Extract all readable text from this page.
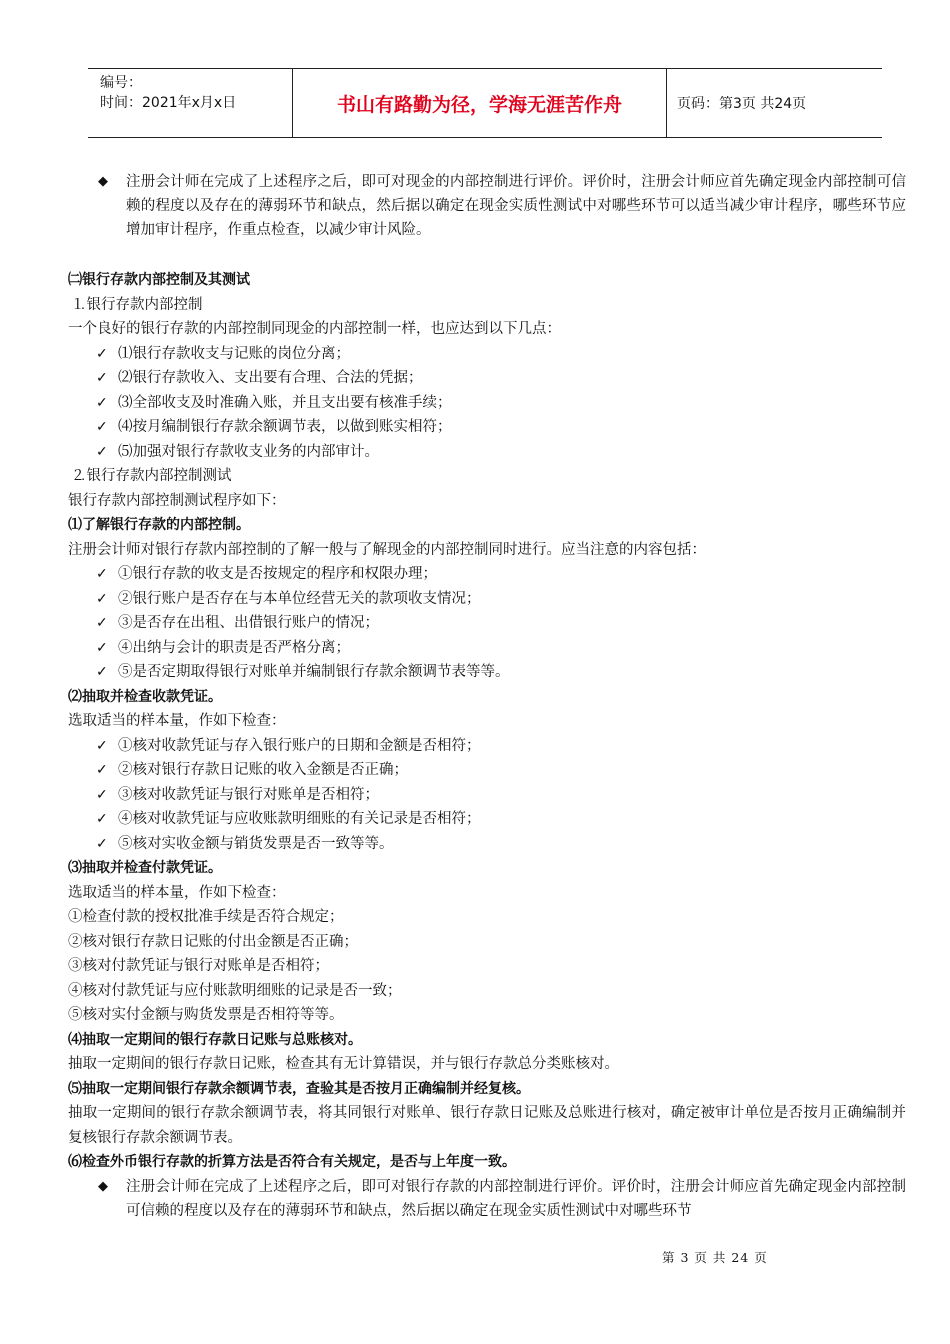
编号：
时间：2021年x月x日	书山有路勤为径，学海无涯苦作舟	页码：第3页 共24页
◆ 注册会计师在完成了上述程序之后，即可对现金的内部控制进行评价。评价时，注册会计师应首先确定现金内部控制可信赖的程度以及存在的薄弱环节和缺点，然后据以确定在现金实质性测试中对哪些环节可以适当减少审计程序，哪些环节应增加审计程序，作重点检查，以减少审计风险。
㈡银行存款内部控制及其测试
⒈银行存款内部控制
一个良好的银行存款的内部控制同现金的内部控制一样，也应达到以下几点：
✓ ⑴银行存款收支与记账的岗位分离；
✓ ⑵银行存款收入、支出要有合理、合法的凭据；
✓ ⑶全部收支及时准确入账，并且支出要有核准手续；
✓ ⑷按月编制银行存款余额调节表，以做到账实相符；
✓ ⑸加强对银行存款收支业务的内部审计。
⒉银行存款内部控制测试
银行存款内部控制测试程序如下：
⑴了解银行存款的内部控制。
注册会计师对银行存款内部控制的了解一般与了解现金的内部控制同时进行。应当注意的内容包括：
✓ ①银行存款的收支是否按规定的程序和权限办理；
✓ ②银行账户是否存在与本单位经营无关的款项收支情况；
✓ ③是否存在出租、出借银行账户的情况；
✓ ④出纳与会计的职责是否严格分离；
✓ ⑤是否定期取得银行对账单并编制银行存款余额调节表等等。
⑵抽取并检查收款凭证。
选取适当的样本量，作如下检查：
✓ ①核对收款凭证与存入银行账户的日期和金额是否相符；
✓ ②核对银行存款日记账的收入金额是否正确；
✓ ③核对收款凭证与银行对账单是否相符；
✓ ④核对收款凭证与应收账款明细账的有关记录是否相符；
✓ ⑤核对实收金额与销货发票是否一致等等。
⑶抽取并检查付款凭证。
选取适当的样本量，作如下检查：
①检查付款的授权批准手续是否符合规定；
②核对银行存款日记账的付出金额是否正确；
③核对付款凭证与银行对账单是否相符；
④核对付款凭证与应付账款明细账的记录是否一致；
⑤核对实付金额与购货发票是否相符等等。
⑷抽取一定期间的银行存款日记账与总账核对。
抽取一定期间的银行存款日记账，检查其有无计算错误，并与银行存款总分类账核对。
⑸抽取一定期间银行存款余额调节表，查验其是否按月正确编制并经复核。
抽取一定期间的银行存款余额调节表，将其同银行对账单、银行存款日记账及总账进行核对，确定被审计单位是否按月正确编制并复核银行存款余额调节表。
⑹检查外币银行存款的折算方法是否符合有关规定，是否与上年度一致。
◆ 注册会计师在完成了上述程序之后，即可对银行存款的内部控制进行评价。评价时，注册会计师应首先确定现金内部控制可信赖的程度以及存在的薄弱环节和缺点，然后据以确定在现金实质性测试中对哪些环节
第 3 页 共 24 页
